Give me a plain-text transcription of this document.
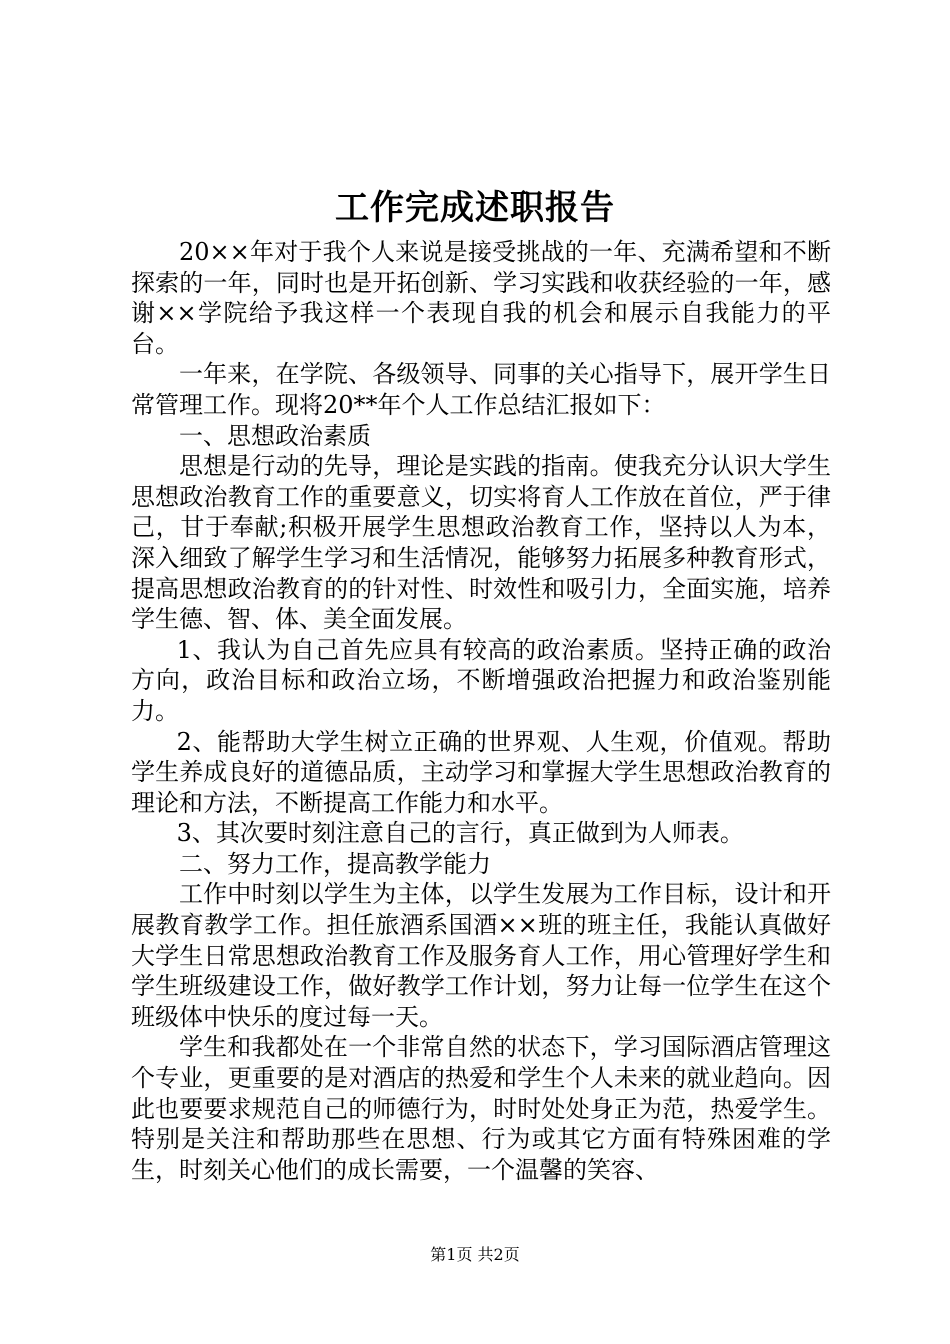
工作完成述职报告

20××年对于我个人来说是接受挑战的一年、充满希望和不断探索的一年，同时也是开拓创新、学习实践和收获经验的一年，感谢××学院给予我这样一个表现自我的机会和展示自我能力的平台。

一年来，在学院、各级领导、同事的关心指导下，展开学生日常管理工作。现将20**年个人工作总结汇报如下：

一、思想政治素质

思想是行动的先导，理论是实践的指南。使我充分认识大学生思想政治教育工作的重要意义，切实将育人工作放在首位，严于律己，甘于奉献;积极开展学生思想政治教育工作，坚持以人为本，深入细致了解学生学习和生活情况，能够努力拓展多种教育形式，提高思想政治教育的的针对性、时效性和吸引力，全面实施，培养学生德、智、体、美全面发展。

1、我认为自己首先应具有较高的政治素质。坚持正确的政治方向，政治目标和政治立场，不断增强政治把握力和政治鉴别能力。

2、能帮助大学生树立正确的世界观、人生观，价值观。帮助学生养成良好的道德品质，主动学习和掌握大学生思想政治教育的理论和方法，不断提高工作能力和水平。

3、其次要时刻注意自己的言行，真正做到为人师表。

二、努力工作，提高教学能力

工作中时刻以学生为主体，以学生发展为工作目标，设计和开展教育教学工作。担任旅酒系国酒××班的班主任，我能认真做好大学生日常思想政治教育工作及服务育人工作，用心管理好学生和学生班级建设工作，做好教学工作计划，努力让每一位学生在这个班级体中快乐的度过每一天。

学生和我都处在一个非常自然的状态下，学习国际酒店管理这个专业，更重要的是对酒店的热爱和学生个人未来的就业趋向。因此也要要求规范自己的师德行为，时时处处身正为范，热爱学生。特别是关注和帮助那些在思想、行为或其它方面有特殊困难的学生，时刻关心他们的成长需要，一个温馨的笑容、

第1页 共2页
